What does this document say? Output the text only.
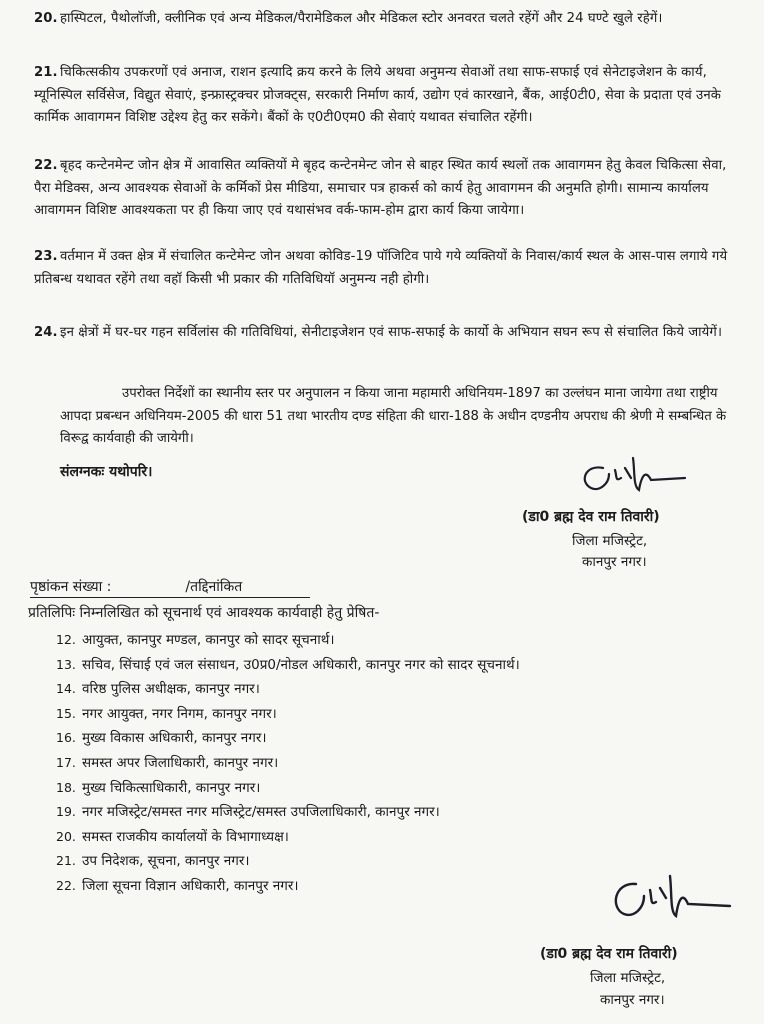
20. हास्पिटल, पैथोलॉजी, क्लीनिक एवं अन्य मेडिकल/पैरामेडिकल और मेडिकल स्टोर अनवरत चलते रहेंगें और 24 घण्टे खुले रहेगें।
21. चिकित्सकीय उपकरणों एवं अनाज, राशन इत्यादि क्रय करने के लिये अथवा अनुमन्य सेवाओं तथा साफ-सफाई एवं सेनेटाइजेशन के कार्य, म्यूनिस्पिल सर्विसेज, विद्युत सेवाएं, इन्फ्रास्ट्रक्चर प्रोजक्ट्स, सरकारी निर्माण कार्य, उद्योग एवं कारखाने, बैंक, आई0टी0, सेवा के प्रदाता एवं उनके कार्मिक आवागमन विशिष्ट उद्देश्य हेतु कर सकेंगे। बैंकों के ए0टी0एम0 की सेवाएं यथावत संचालित रहेंगी।
22. बृहद कन्टेनमेन्ट जोन क्षेत्र में आवासित व्यक्तियों मे बृहद कन्टेनमेन्ट जोन से बाहर स्थित कार्य स्थलों तक आवागमन हेतु केवल चिकित्सा सेवा, पैरा मेडिक्स, अन्य आवश्यक सेवाओं के कर्मिकों प्रेस मीडिया, समाचार पत्र हाकर्स को कार्य हेतु आवागमन की अनुमति होगी। सामान्य कार्यालय आवागमन विशिष्ट आवश्यकता पर ही किया जाए एवं यथासंभव वर्क-फाम-होम द्वारा कार्य किया जायेगा।
23. वर्तमान में उक्त क्षेत्र में संचालित कन्टेमेन्ट जोन अथवा कोविड-19 पॉजिटिव पाये गये व्यक्तियों के निवास/कार्य स्थल के आस-पास लगाये गये प्रतिबन्ध यथावत रहेंगे तथा वहॉ किसी भी प्रकार की गतिविधियॉ अनुमन्य नही होगी।
24. इन क्षेत्रों में घर-घर गहन सर्विलांस की गतिविधियां, सेनीटाइजेशन एवं साफ-सफाई के कार्यो के अभियान सघन रूप से संचालित किये जायेगें।
उपरोक्त निर्देशों का स्थानीय स्तर पर अनुपालन न किया जाना महामारी अधिनियम-1897 का उल्लंघन माना जायेगा तथा राष्ट्रीय आपदा प्रबन्धन अधिनियम-2005 की धारा 51 तथा भारतीय दण्ड संहिता की धारा-188 के अधीन दण्डनीय अपराध की श्रेणी मे सम्बन्धित के विरूद्व कार्यवाही की जायेगी।
संलग्नकः यथोपरि।
(डा0 ब्रह्म देव राम तिवारी)
जिला मजिस्ट्रेट,
कानपुर नगर।
पृष्ठांकन संख्या :	/तद्दिनांकित
प्रतिलिपिः निम्नलिखित को सूचनार्थ एवं आवश्यक कार्यवाही हेतु प्रेषित-
12. आयुक्त, कानपुर मण्डल, कानपुर को सादर सूचनार्थ।
13. सचिव, सिंचाई एवं जल संसाधन, उ0प्र0/नोडल अधिकारी, कानपुर नगर को सादर सूचनार्थ।
14. वरिष्ठ पुलिस अधीक्षक, कानपुर नगर।
15. नगर आयुक्त, नगर निगम, कानपुर नगर।
16. मुख्य विकास अधिकारी, कानपुर नगर।
17. समस्त अपर जिलाधिकारी, कानपुर नगर।
18. मुख्य चिकित्साधिकारी, कानपुर नगर।
19. नगर मजिस्ट्रेट/समस्त नगर मजिस्ट्रेट/समस्त उपजिलाधिकारी, कानपुर नगर।
20. समस्त राजकीय कार्यालयों के विभागाध्यक्ष।
21. उप निदेशक, सूचना, कानपुर नगर।
22. जिला सूचना विज्ञान अधिकारी, कानपुर नगर।
(डा0 ब्रह्म देव राम तिवारी)
जिला मजिस्ट्रेट,
कानपुर नगर।
